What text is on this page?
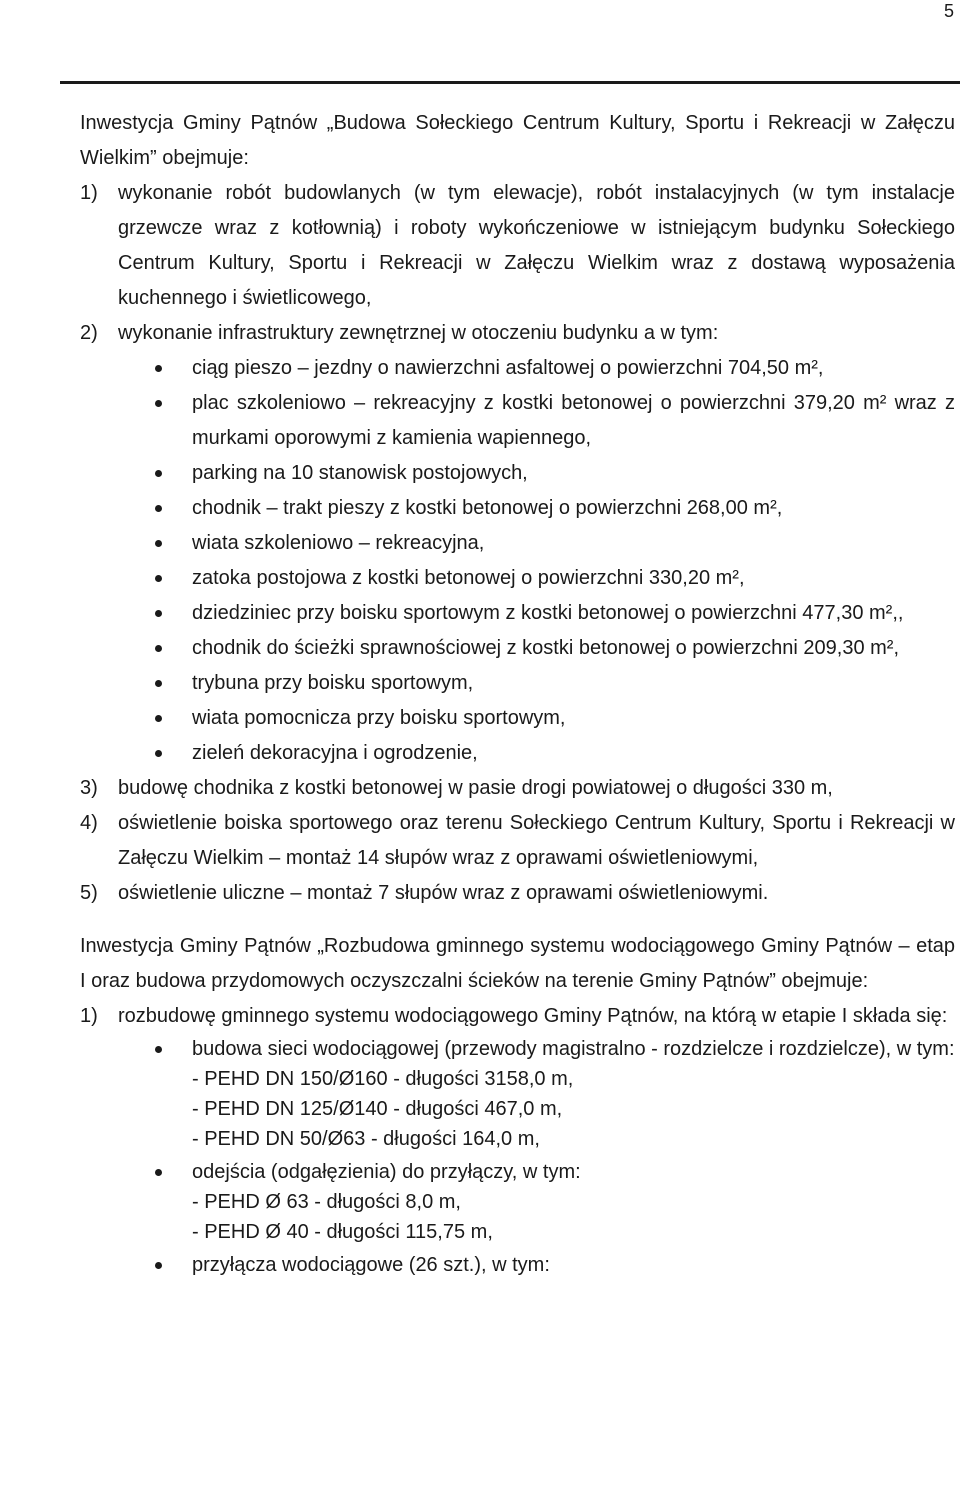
5

Inwestycja Gminy Pątnów „Budowa Sołeckiego Centrum Kultury, Sportu i Rekreacji w Załęczu Wielkim” obejmuje:

1)	wykonanie robót budowlanych (w tym elewacje), robót instalacyjnych (w tym instalacje grzewcze wraz z kotłownią) i roboty wykończeniowe w istniejącym budynku Sołeckiego Centrum Kultury, Sportu i Rekreacji w Załęczu Wielkim wraz z dostawą wyposażenia kuchennego i świetlicowego,
2)	wykonanie infrastruktury zewnętrznej w otoczeniu budynku a w tym:
ciąg pieszo – jezdny o nawierzchni asfaltowej o powierzchni 704,50 m²,
plac szkoleniowo – rekreacyjny z kostki betonowej o powierzchni 379,20 m² wraz z murkami oporowymi z kamienia wapiennego,
parking na 10 stanowisk postojowych,
chodnik – trakt pieszy z kostki betonowej o powierzchni 268,00 m²,
wiata szkoleniowo – rekreacyjna,
zatoka postojowa z kostki betonowej o powierzchni 330,20 m²,
dziedziniec przy boisku sportowym z kostki betonowej o powierzchni 477,30 m²,,
chodnik do ścieżki sprawnościowej z kostki betonowej o powierzchni 209,30 m²,
trybuna przy boisku sportowym,
wiata pomocnicza przy boisku sportowym,
zieleń dekoracyjna i ogrodzenie,
3)	budowę chodnika z kostki betonowej w pasie drogi powiatowej o długości 330 m,
4)	oświetlenie boiska sportowego oraz terenu Sołeckiego Centrum Kultury, Sportu i Rekreacji w Załęczu Wielkim – montaż 14 słupów wraz z oprawami oświetleniowymi,
5)	oświetlenie uliczne – montaż 7 słupów wraz z oprawami oświetleniowymi.

Inwestycja Gminy Pątnów „Rozbudowa gminnego systemu wodociągowego Gminy Pątnów – etap I oraz budowa przydomowych oczyszczalni ścieków na terenie Gminy Pątnów” obejmuje:

1)	rozbudowę gminnego systemu wodociągowego Gminy Pątnów, na którą w etapie I składa się:
budowa sieci wodociągowej (przewody magistralno - rozdzielcze i rozdzielcze), w tym:
- PEHD DN 150/Ø160 - długości 3158,0 m,
- PEHD DN 125/Ø140 - długości 467,0 m,
- PEHD DN 50/Ø63 - długości 164,0 m,
odejścia (odgałęzienia) do przyłączy, w tym:
- PEHD Ø 63 - długości 8,0 m,
- PEHD Ø 40 - długości 115,75 m,
przyłącza wodociągowe (26 szt.), w tym:
